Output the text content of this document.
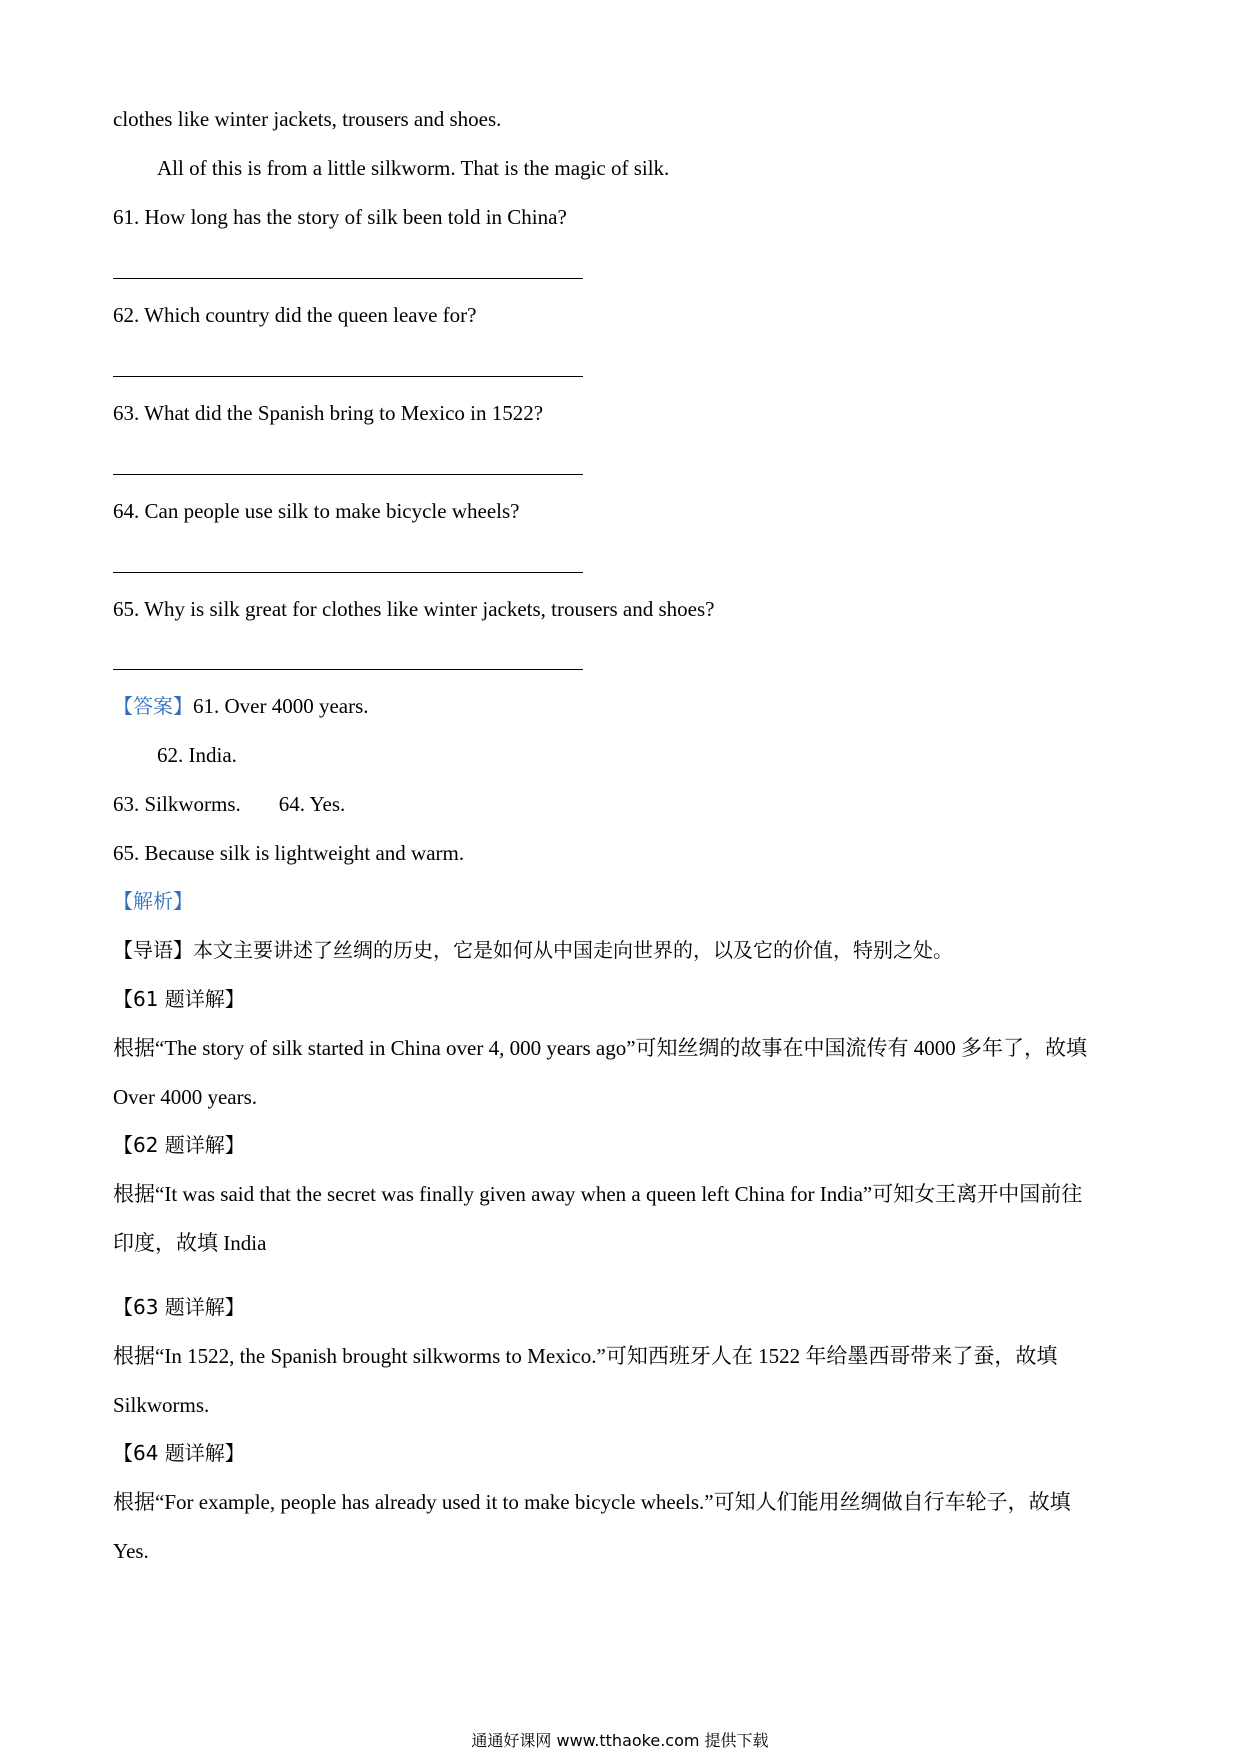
clothes like winter jackets, trousers and shoes.
All of this is from a little silkworm. That is the magic of silk.
61. How long has the story of silk been told in China?
62. Which country did the queen leave for?
63. What did the Spanish bring to Mexico in 1522?
64. Can people use silk to make bicycle wheels?
65. Why is silk great for clothes like winter jackets, trousers and shoes?
【答案】61. Over 4000 years.
62. India.
63. Silkworms. 64. Yes.
65. Because silk is lightweight and warm.
【解析】
【导语】本文主要讲述了丝绸的历史，它是如何从中国走向世界的，以及它的价值，特别之处。
【61 题详解】
根据“The story of silk started in China over 4, 000 years ago”可知丝绸的故事在中国流传有 4000 多年了，故填
Over 4000 years.
【62 题详解】
根据“It was said that the secret was finally given away when a queen left China for India”可知女王离开中国前往
印度，故填 India
【63 题详解】
根据“In 1522, the Spanish brought silkworms to Mexico.”可知西班牙人在 1522 年给墨西哥带来了蚕，故填
Silkworms.
【64 题详解】
根据“For example, people has already used it to make bicycle wheels.”可知人们能用丝绸做自行车轮子，故填
Yes.
通通好课网 www.tthaoke.com 提供下载
